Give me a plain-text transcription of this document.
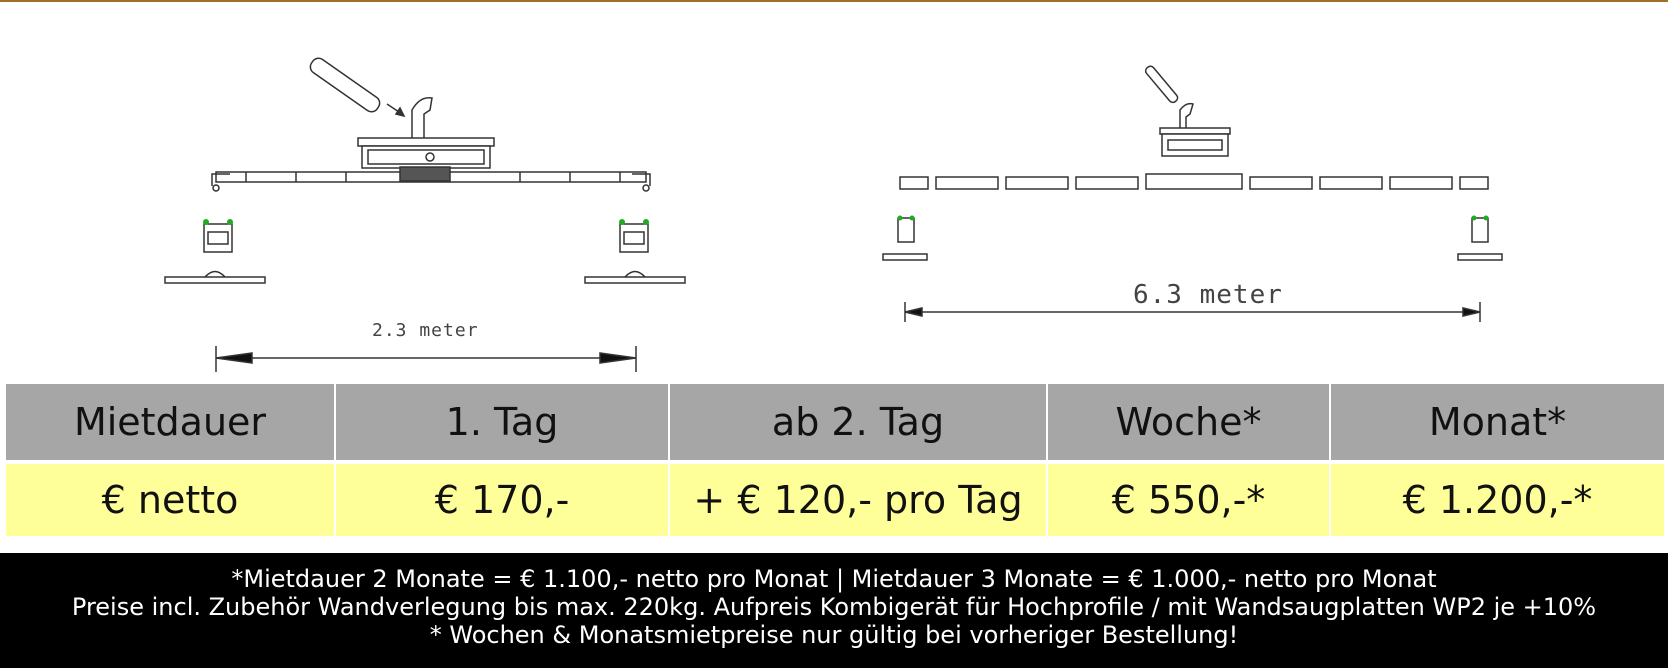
2.3 meter
6.3 meter
Mietdauer	1. Tag	ab 2. Tag	Woche*	Monat*
€ netto	€ 170,-	+ € 120,- pro Tag	€ 550,-*	€ 1.200,-*
*Mietdauer 2 Monate = € 1.100,- netto pro Monat | Mietdauer 3 Monate = € 1.000,- netto pro Monat
Preise incl. Zubehör Wandverlegung bis max. 220kg. Aufpreis Kombigerät für Hochprofile / mit Wandsaugplatten WP2 je +10%
* Wochen & Monatsmietpreise nur gültig bei vorheriger Bestellung!
